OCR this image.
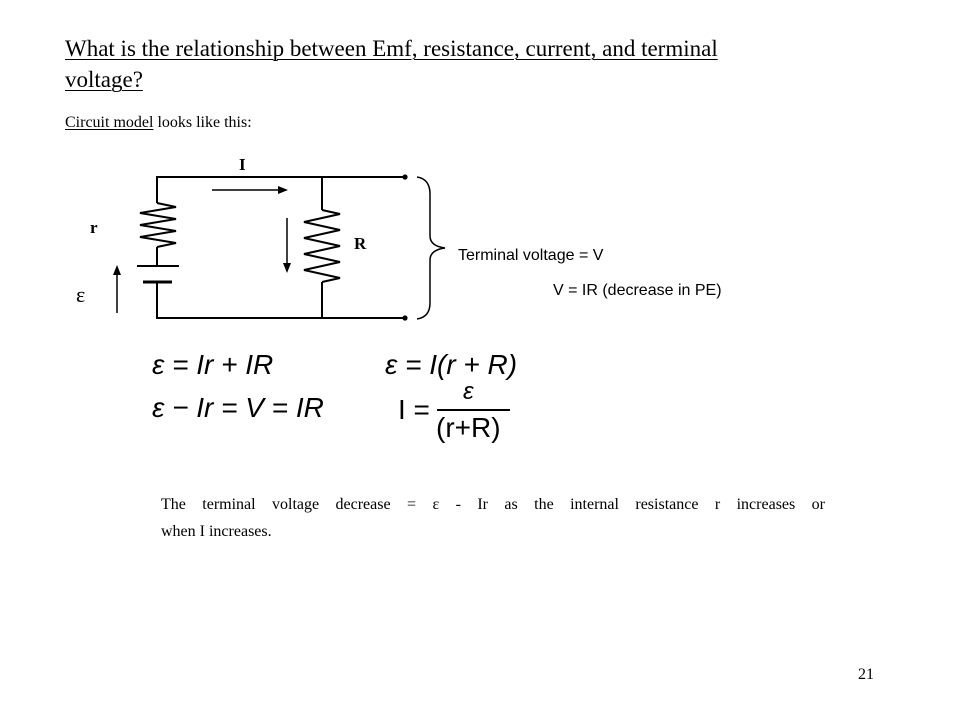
What is the relationship between Emf, resistance, current, and terminal
voltage?
Circuit model looks like this:
I
r
R
ε
Terminal voltage = V
V = IR (decrease in PE)
ε = Ir + IR	ε = I(r + R)
ε − Ir = V = IR	I =
ε
(r+R)
The terminal voltage decrease = ε - Ir as the internal resistance r increases or
when I increases.
21
